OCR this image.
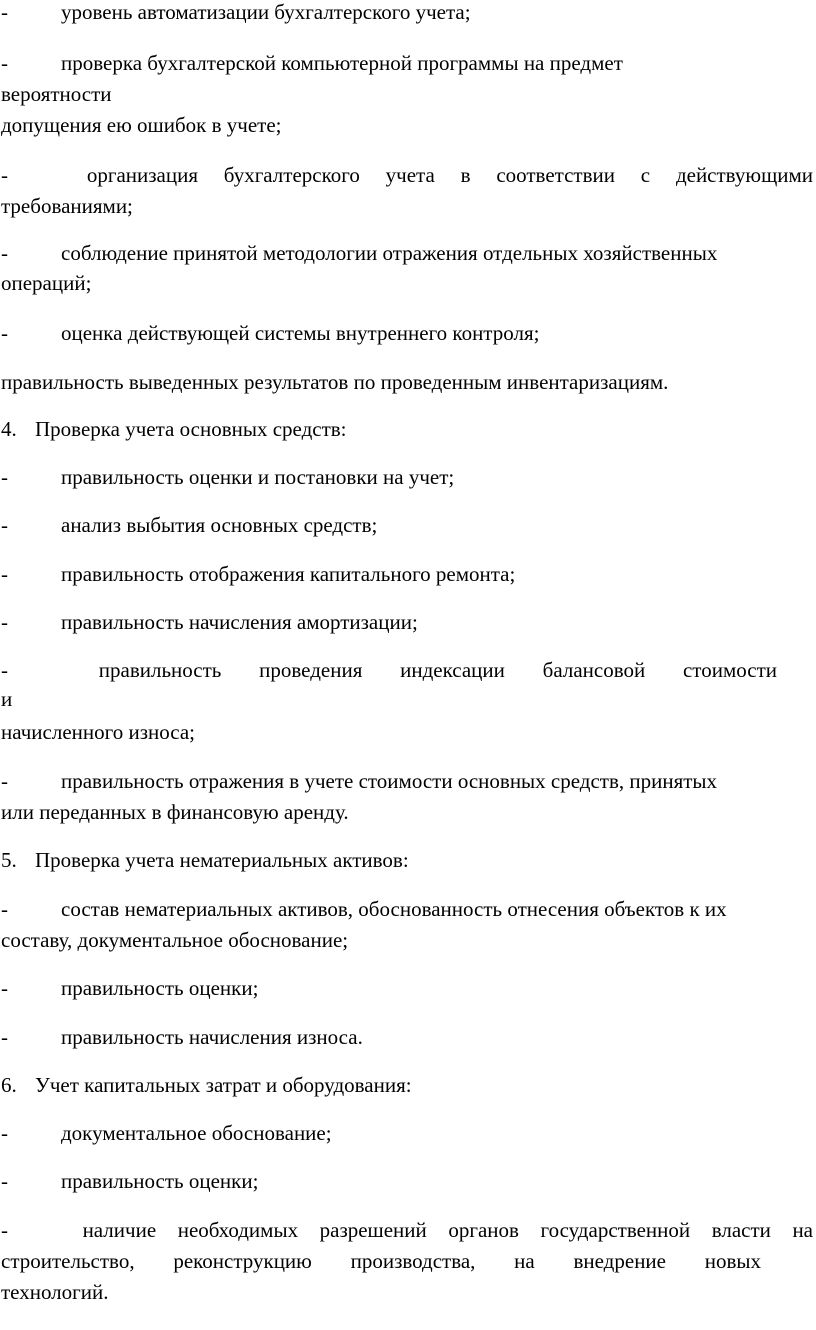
-	уровень автоматизации бухгалтерского учета;
-	проверка бухгалтерской компьютерной программы на предмет
вероятности
допущения ею ошибок в учете;
-	организация бухгалтерского учета в соответствии с действующими
требованиями;
-	соблюдение принятой методологии отражения отдельных хозяйственных
операций;
-	оценка действующей системы внутреннего контроля;
правильность выведенных результатов по проведенным инвентаризациям.
4. Проверка учета основных средств:
-	правильность оценки и постановки на учет;
-	анализ выбытия основных средств;
-	правильность отображения капитального ремонта;
-	правильность начисления амортизации;
-	правильность проведения индексации балансовой стоимости
и
начисленного износа;
-	правильность отражения в учете стоимости основных средств, принятых
или переданных в финансовую аренду.
5. Проверка учета нематериальных активов:
-	состав нематериальных активов, обоснованность отнесения объектов к их
составу, документальное обоснование;
-	правильность оценки;
-	правильность начисления износа.
6. Учет капитальных затрат и оборудования:
-	документальное обоснование;
-	правильность оценки;
-	наличие необходимых разрешений органов государственной власти на
строительство, реконструкцию производства, на внедрение новых
технологий.
